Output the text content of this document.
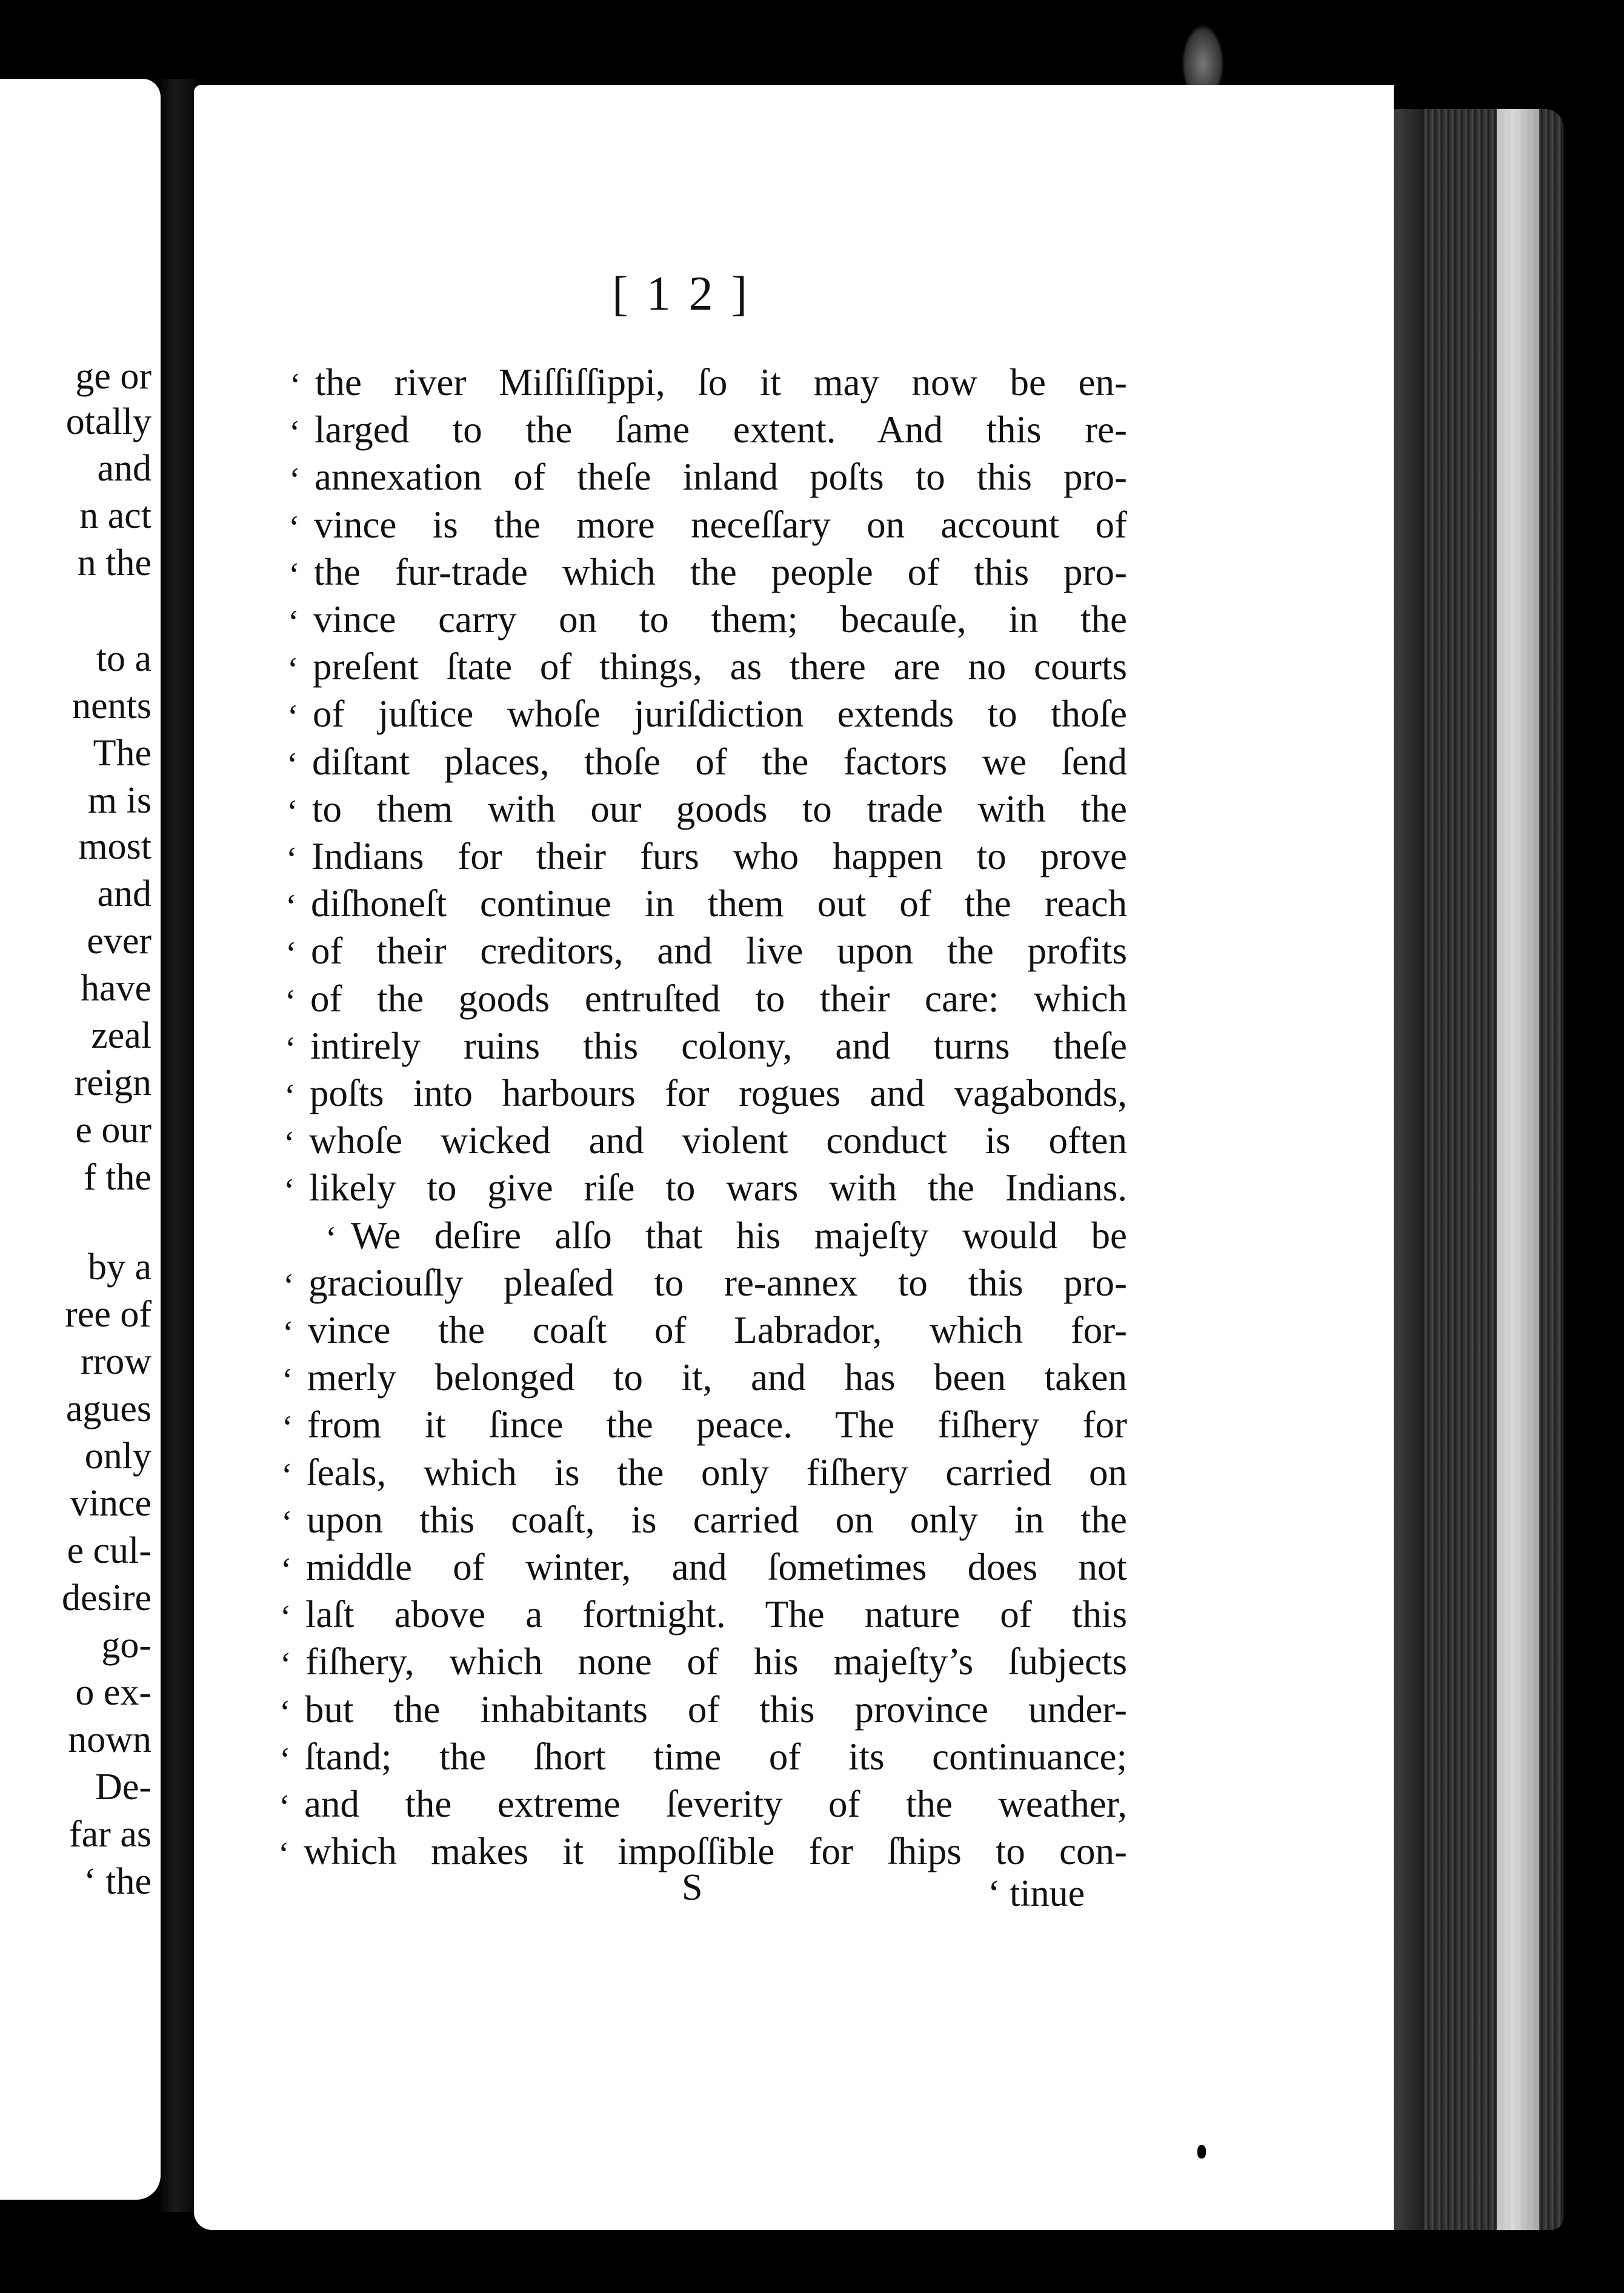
[12]
ge or
otally
and
n act
n the
to a
nents
The
m is
most
and
ever
have
zeal
reign
e our
f the
by a
ree of
rrow
agues
only
vince
e cul-
desire
go-
o ex-
nown
De-
far as
‘ the
‘ the river Miſſiſſippi, ſo it may now be en-
‘ larged to the ſame extent. And this re-
‘ annexation of theſe inland poſts to this pro-
‘ vince is the more neceſſary on account of
‘ the fur-trade which the people of this pro-
‘ vince carry on to them; becauſe, in the
‘ preſent ſtate of things, as there are no courts
‘ of juſtice whoſe juriſdiction extends to thoſe
‘ diſtant places, thoſe of the factors we ſend
‘ to them with our goods to trade with the
‘ Indians for their furs who happen to prove
‘ diſhoneſt continue in them out of the reach
‘ of their creditors, and live upon the profits
‘ of the goods entruſted to their care: which
‘ intirely ruins this colony, and turns theſe
‘ poſts into harbours for rogues and vagabonds,
‘ whoſe wicked and violent conduct is often
‘ likely to give riſe to wars with the Indians.
‘ We deſire alſo that his majeſty would be
‘ graciouſly pleaſed to re-annex to this pro-
‘ vince the coaſt of Labrador, which for-
‘ merly belonged to it, and has been taken
‘ from it ſince the peace. The fiſhery for
‘ ſeals, which is the only fiſhery carried on
‘ upon this coaſt, is carried on only in the
‘ middle of winter, and ſometimes does not
‘ laſt above a fortnight. The nature of this
‘ fiſhery, which none of his majeſty’s ſubjects
‘ but the inhabitants of this province under-
‘ ſtand; the ſhort time of its continuance;
‘ and the extreme ſeverity of the weather,
‘ which makes it impoſſible for ſhips to con-
S	‘ tinue
